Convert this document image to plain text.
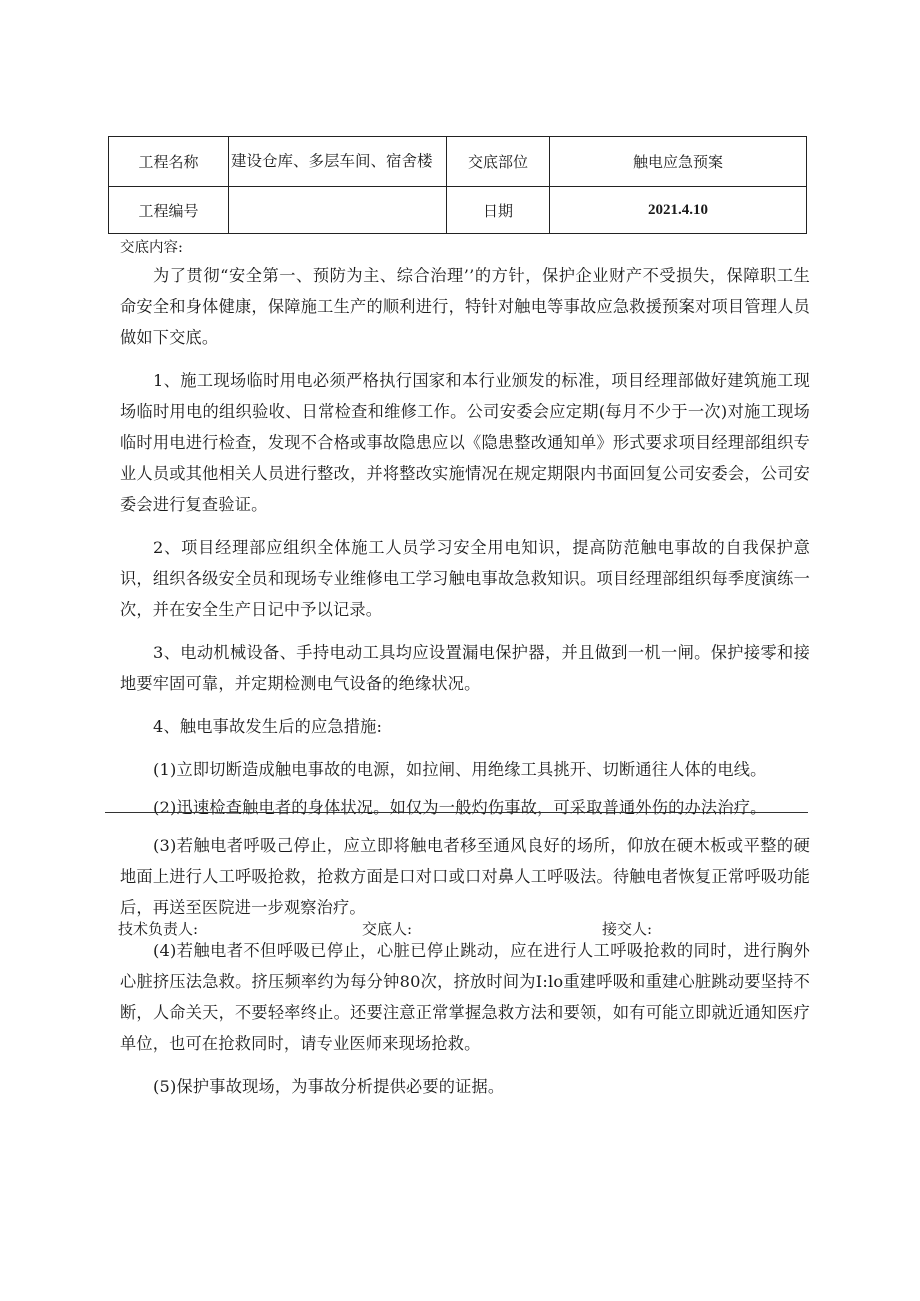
工程名称	建设仓库、多层车间、宿舍楼	交底部位	触电应急预案
工程编号		日期	2021.4.10
交底内容:

为了贯彻“安全第一、预防为主、综合治理’’的方针，保护企业财产不受损失，保障职工生命安全和身体健康，保障施工生产的顺利进行，特针对触电等事故应急救援预案对项目管理人员做如下交底。

1、施工现场临时用电必须严格执行国家和本行业颁发的标准，项目经理部做好建筑施工现场临时用电的组织验收、日常检查和维修工作。公司安委会应定期(每月不少于一次)对施工现场临时用电进行检查，发现不合格或事故隐患应以《隐患整改通知单》形式要求项目经理部组织专业人员或其他相关人员进行整改，并将整改实施情况在规定期限内书面回复公司安委会，公司安委会进行复查验证。

2、项目经理部应组织全体施工人员学习安全用电知识，提高防范触电事故的自我保护意识，组织各级安全员和现场专业维修电工学习触电事故急救知识。项目经理部组织每季度演练一次，并在安全生产日记中予以记录。

3、电动机械设备、手持电动工具均应设置漏电保护器，并且做到一机一闸。保护接零和接地要牢固可靠，并定期检测电气设备的绝缘状况。

4、触电事故发生后的应急措施:

(1)立即切断造成触电事故的电源，如拉闸、用绝缘工具挑开、切断通往人体的电线。

(2)迅速检查触电者的身体状况。如仅为一般灼伤事故，可采取普通外伤的办法治疗。

(3)若触电者呼吸己停止，应立即将触电者移至通风良好的场所，仰放在硬木板或平整的硬地面上进行人工呼吸抢救，抢救方面是口对口或口对鼻人工呼吸法。待触电者恢复正常呼吸功能后，再送至医院进一步观察治疗。

(4)若触电者不但呼吸已停止，心脏已停止跳动，应在进行人工呼吸抢救的同时，进行胸外心脏挤压法急救。挤压频率约为每分钟80次，挤放时间为I:lo重建呼吸和重建心脏跳动要坚持不断，人命关天，不要轻率终止。还要注意正常掌握急救方法和要领，如有可能立即就近通知医疗单位，也可在抢救同时，请专业医师来现场抢救。

(5)保护事故现场，为事故分析提供必要的证据。

技术负责人:	交底人:	接交人:
